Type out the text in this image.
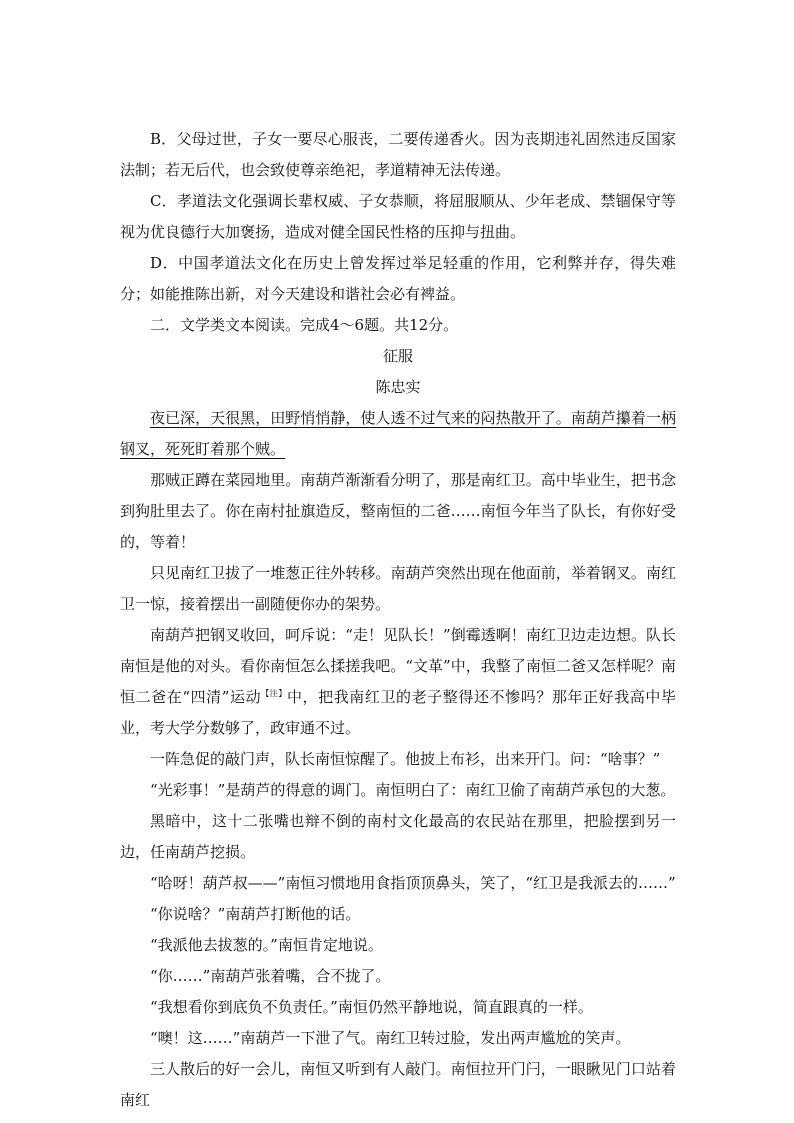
B．父母过世，子女一要尽心服丧，二要传递香火。因为丧期违礼固然违反国家法制；若无后代，也会致使尊亲绝祀，孝道精神无法传递。

C．孝道法文化强调长辈权威、子女恭顺，将屈服顺从、少年老成、禁锢保守等视为优良德行大加褒扬，造成对健全国民性格的压抑与扭曲。

D．中国孝道法文化在历史上曾发挥过举足轻重的作用，它利弊并存，得失难分；如能推陈出新，对今天建设和谐社会必有裨益。

二．文学类文本阅读。完成4～6题。共12分。

征服

陈忠实

夜已深，天很黑，田野悄悄静，使人透不过气来的闷热散开了。南葫芦攥着一柄钢叉，死死盯着那个贼。

那贼正蹲在菜园地里。南葫芦渐渐看分明了，那是南红卫。高中毕业生，把书念到狗肚里去了。你在南村扯旗造反，整南恒的二爸……南恒今年当了队长，有你好受的，等着！

只见南红卫拔了一堆葱正往外转移。南葫芦突然出现在他面前，举着钢叉。南红卫一惊，接着摆出一副随便你办的架势。

南葫芦把钢叉收回，呵斥说：“走！见队长！”倒霉透啊！南红卫边走边想。队长南恒是他的对头。看你南恒怎么揉搓我吧。“文革”中，我整了南恒二爸又怎样呢？南恒二爸在“四清”运动$^{【注】}$中，把我南红卫的老子整得还不惨吗？那年正好我高中毕业，考大学分数够了，政审通不过。

一阵急促的敲门声，队长南恒惊醒了。他披上布衫，出来开门。问：“啥事？”

“光彩事！”是葫芦的得意的调门。南恒明白了：南红卫偷了南葫芦承包的大葱。

黑暗中，这十二张嘴也辩不倒的南村文化最高的农民站在那里，把脸摆到另一边，任南葫芦挖损。

“哈呀！葫芦叔——”南恒习惯地用食指顶顶鼻头，笑了，“红卫是我派去的……”

“你说啥？”南葫芦打断他的话。

“我派他去拔葱的。”南恒肯定地说。

“你……”南葫芦张着嘴，合不拢了。

“我想看你到底负不负责任。”南恒仍然平静地说，简直跟真的一样。

“噢！这……”南葫芦一下泄了气。南红卫转过脸，发出两声尴尬的笑声。

三人散后的好一会儿，南恒又听到有人敲门。南恒拉开门闩，一眼瞅见门口站着南红
